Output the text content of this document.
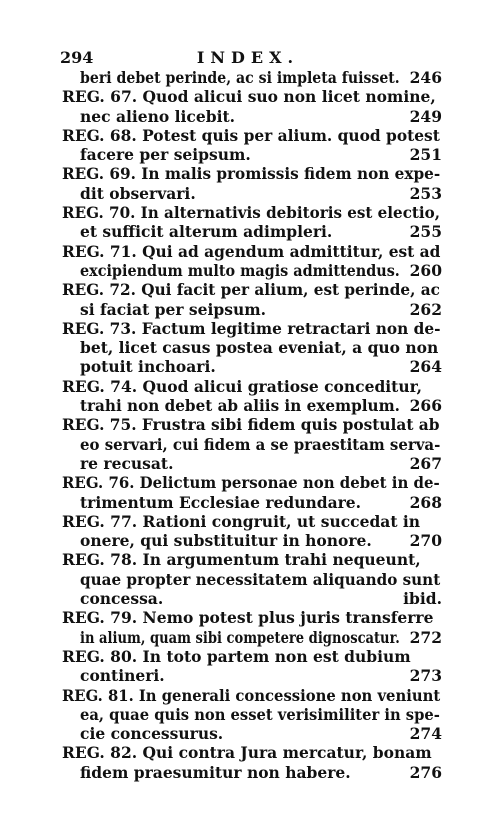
294	INDEX.
beri debet perinde, ac si impleta fuisset. 246
REG. 67. Quod alicui suo non licet nomine,
nec alieno licebit.	249
REG. 68. Potest quis per alium. quod potest
facere per seipsum.	251
REG. 69. In malis promissis fidem non expe-
dit observari.	253
REG. 70. In alternativis debitoris est electio,
et sufficit alterum adimpleri.	255
REG. 71. Qui ad agendum admittitur, est ad
excipiendum multo magis admittendus. 260
REG. 72. Qui facit per alium, est perinde, ac
si faciat per seipsum.	262
REG. 73. Factum legitime retractari non de-
bet, licet casus postea eveniat, a quo non
potuit inchoari.	264
REG. 74. Quod alicui gratiose conceditur,
trahi non debet ab aliis in exemplum. 266
REG. 75. Frustra sibi fidem quis postulat ab
eo servari, cui fidem a se praestitam serva-
re recusat.	267
REG. 76. Delictum personae non debet in de-
trimentum Ecclesiae redundare.	268
REG. 77. Rationi congruit, ut succedat in
onere, qui substituitur in honore. 270
REG. 78. In argumentum trahi nequeunt,
quae propter necessitatem aliquando sunt
concessa.	ibid.
REG. 79. Nemo potest plus juris transferre
in alium, quam sibi competere dignoscatur. 272
REG. 80. In toto partem non est dubium
contineri.	273
REG. 81. In generali concessione non veniunt
ea, quae quis non esset verisimiliter in spe-
cie concessurus.	274
REG. 82. Qui contra Jura mercatur, bonam
fidem praesumitur non habere.	276
